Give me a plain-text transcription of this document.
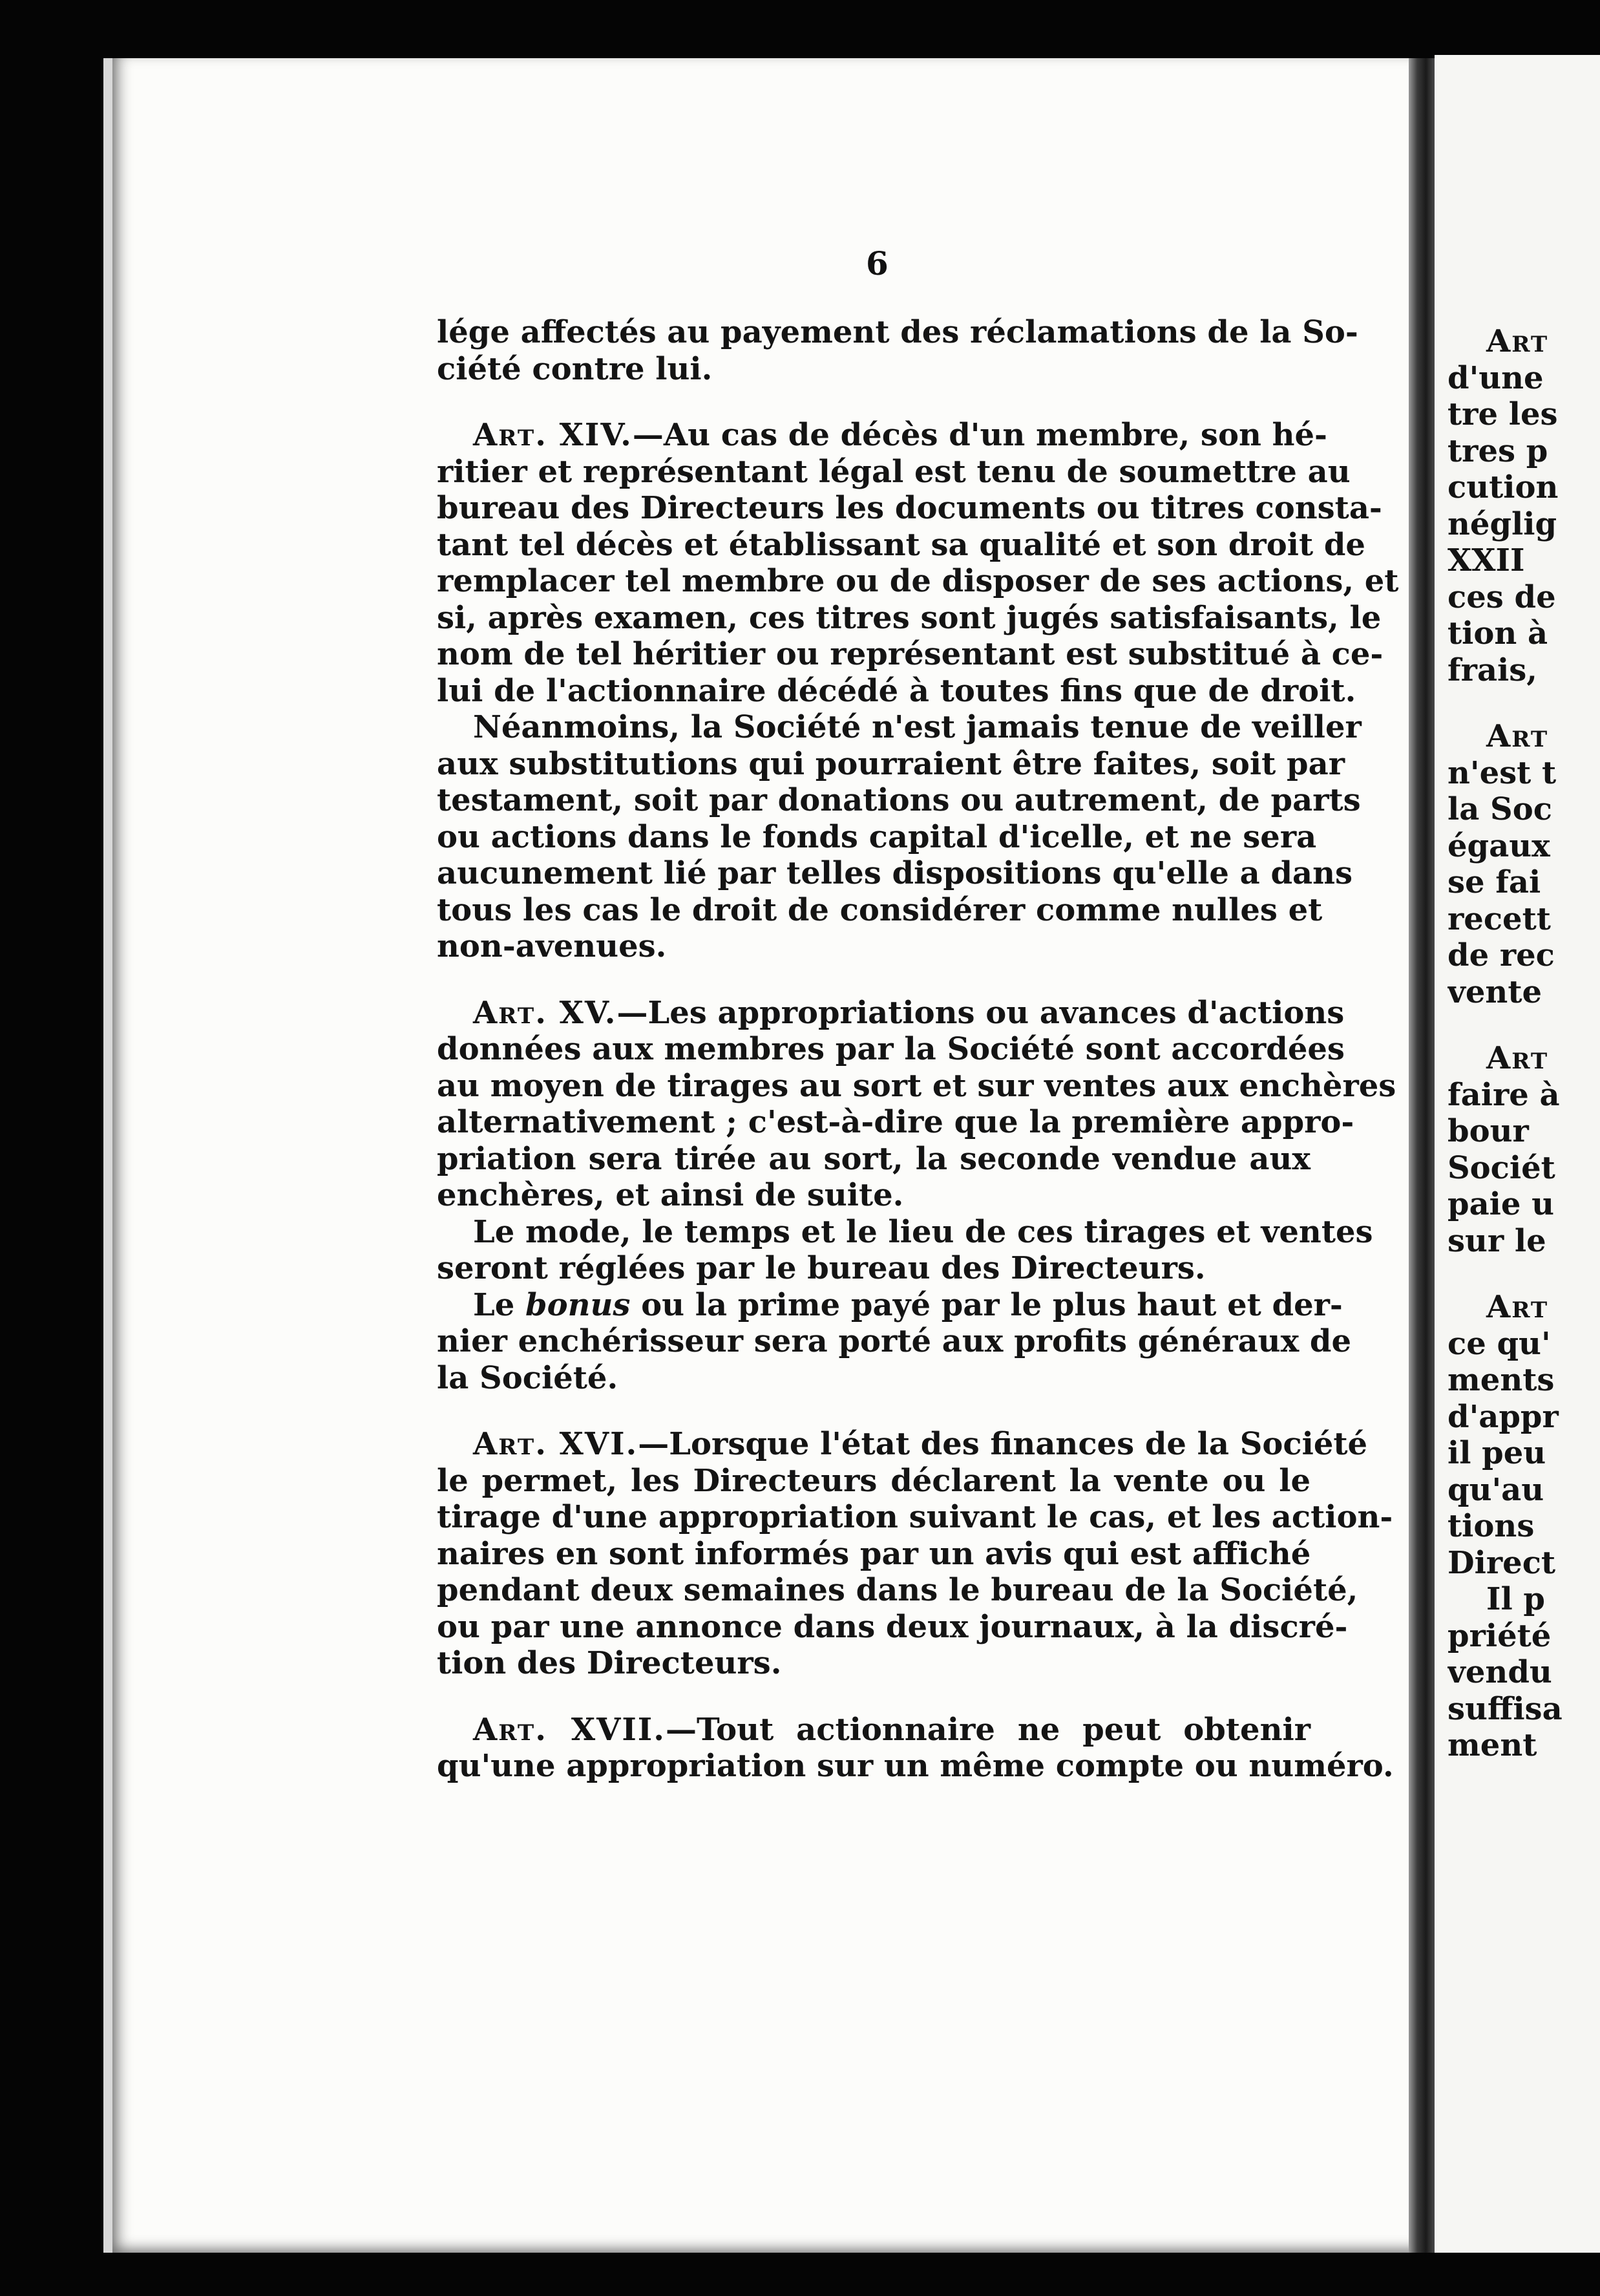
6
lége affectés au payement des réclamations de la So-
ciété contre lui.
Art. XIV.—Au cas de décès d'un membre, son hé-
ritier et représentant légal est tenu de soumettre au
bureau des Directeurs les documents ou titres consta-
tant tel décès et établissant sa qualité et son droit de
remplacer tel membre ou de disposer de ses actions, et
si, après examen, ces titres sont jugés satisfaisants, le
nom de tel héritier ou représentant est substitué à ce-
lui de l'actionnaire décédé à toutes fins que de droit.
Néanmoins, la Société n'est jamais tenue de veiller
aux substitutions qui pourraient être faites, soit par
testament, soit par donations ou autrement, de parts
ou actions dans le fonds capital d'icelle, et ne sera
aucunement lié par telles dispositions qu'elle a dans
tous les cas le droit de considérer comme nulles et
non-avenues.
Art. XV.—Les appropriations ou avances d'actions
données aux membres par la Société sont accordées
au moyen de tirages au sort et sur ventes aux enchères
alternativement ; c'est-à-dire que la première appro-
priation sera tirée au sort, la seconde vendue aux
enchères, et ainsi de suite.
Le mode, le temps et le lieu de ces tirages et ventes
seront réglées par le bureau des Directeurs.
Le bonus ou la prime payé par le plus haut et der-
nier enchérisseur sera porté aux profits généraux de
la Société.
Art. XVI.—Lorsque l'état des finances de la Société
le permet, les Directeurs déclarent la vente ou le
tirage d'une appropriation suivant le cas, et les action-
naires en sont informés par un avis qui est affiché
pendant deux semaines dans le bureau de la Société,
ou par une annonce dans deux journaux, à la discré-
tion des Directeurs.
Art. XVII.—Tout actionnaire ne peut obtenir
qu'une appropriation sur un même compte ou numéro.
Art
d'une
tre les
tres p
cution
néglig
XXII
ces de
tion à
frais,
Art
n'est t
la Soc
égaux
se fai
recett
de rec
vente
Art
faire à
bour
Sociét
paie u
sur le
Art
ce qu'
ments
d'appr
il peu
qu'au
tions
Direct
Il p
priété
vendu
suffisa
ment
